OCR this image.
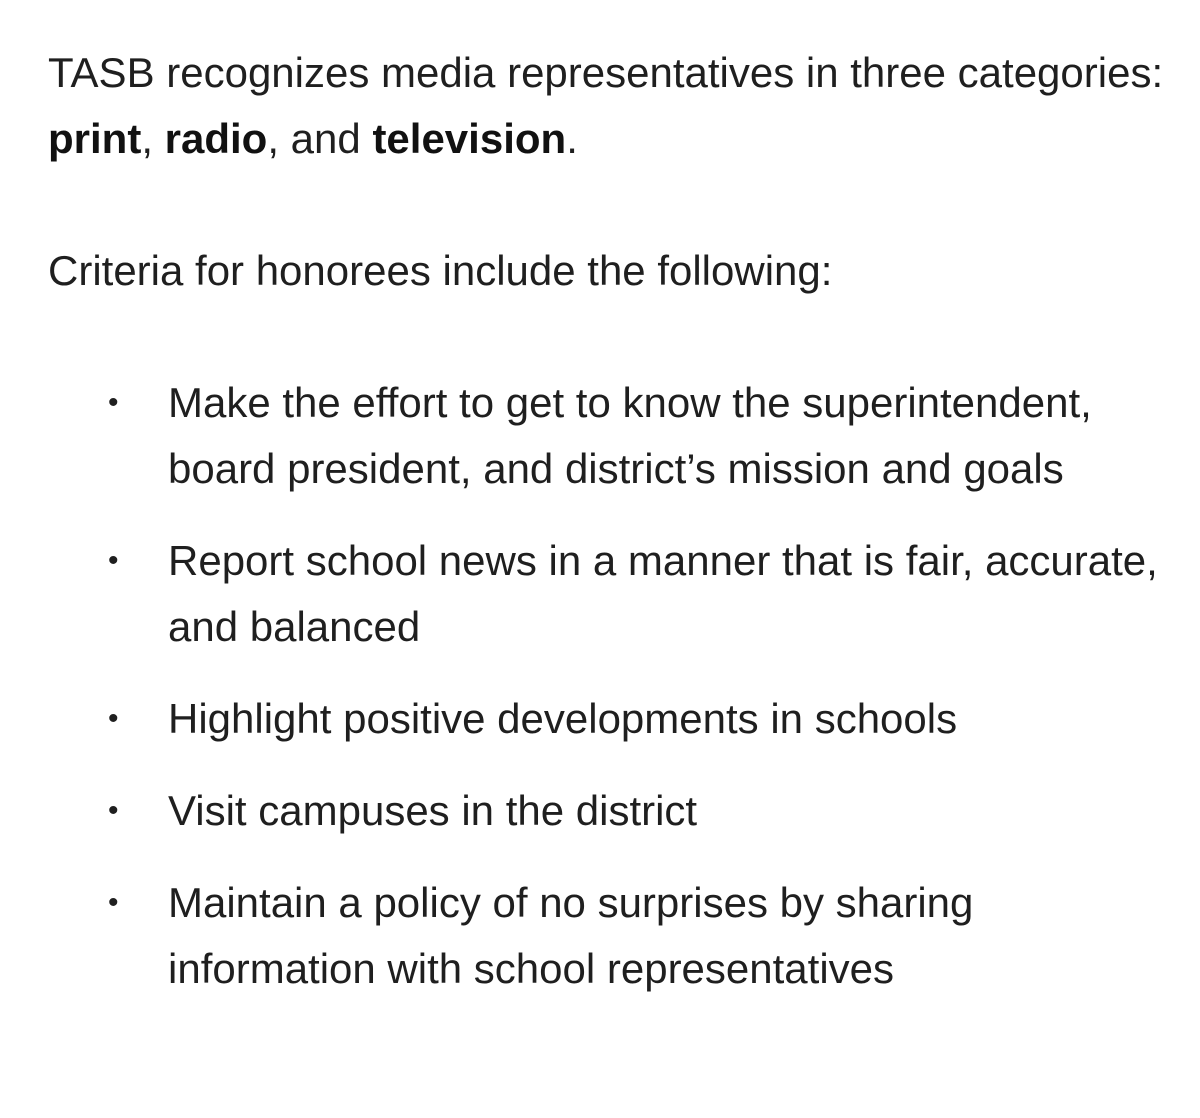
TASB recognizes media representatives in three categories: print, radio, and television.

Criteria for honorees include the following:

• Make the effort to get to know the superintendent, board president, and district’s mission and goals
• Report school news in a manner that is fair, accurate, and balanced
• Highlight positive developments in schools
• Visit campuses in the district
• Maintain a policy of no surprises by sharing information with school representatives
